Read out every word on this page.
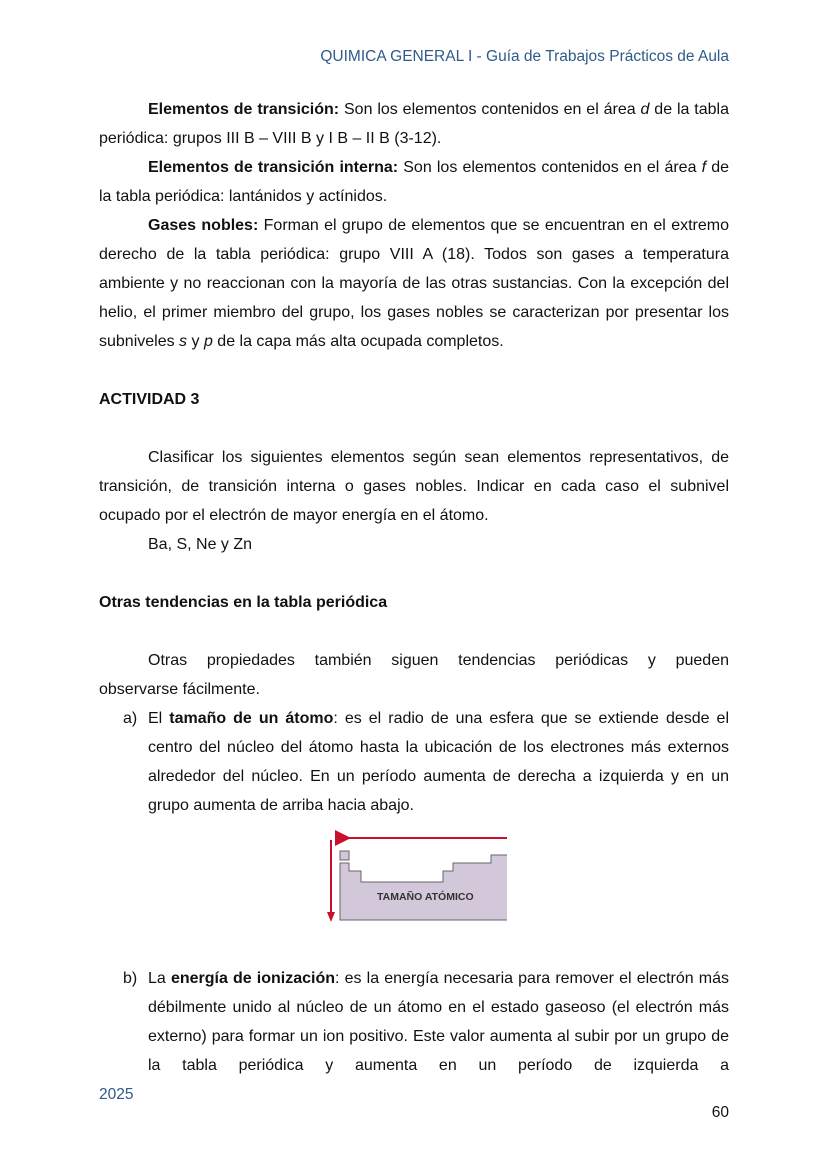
QUIMICA GENERAL I - Guía de Trabajos Prácticos de Aula

Elementos de transición: Son los elementos contenidos en el área d de la tabla periódica: grupos III B – VIII B y I B – II B (3-12).

Elementos de transición interna: Son los elementos contenidos en el área f de la tabla periódica: lantánidos y actínidos.

Gases nobles: Forman el grupo de elementos que se encuentran en el extremo derecho de la tabla periódica: grupo VIII A (18). Todos son gases a temperatura ambiente y no reaccionan con la mayoría de las otras sustancias. Con la excepción del helio, el primer miembro del grupo, los gases nobles se caracterizan por presentar los subniveles s y p de la capa más alta ocupada completos.

ACTIVIDAD 3

Clasificar los siguientes elementos según sean elementos representativos, de transición, de transición interna o gases nobles. Indicar en cada caso el subnivel ocupado por el electrón de mayor energía en el átomo.

Ba, S, Ne y Zn

Otras tendencias en la tabla periódica

Otras propiedades también siguen tendencias periódicas y pueden

observarse fácilmente.

a) El tamaño de un átomo: es el radio de una esfera que se extiende desde el centro del núcleo del átomo hasta la ubicación de los electrones más externos alrededor del núcleo. En un período aumenta de derecha a izquierda y en un grupo aumenta de arriba hacia abajo.

TAMAÑO ATÓMICO
b) La energía de ionización: es la energía necesaria para remover el electrón más débilmente unido al núcleo de un átomo en el estado gaseoso (el electrón más externo) para formar un ion positivo. Este valor aumenta al subir por un grupo de la tabla periódica y aumenta en un período de izquierda a

2025
60
